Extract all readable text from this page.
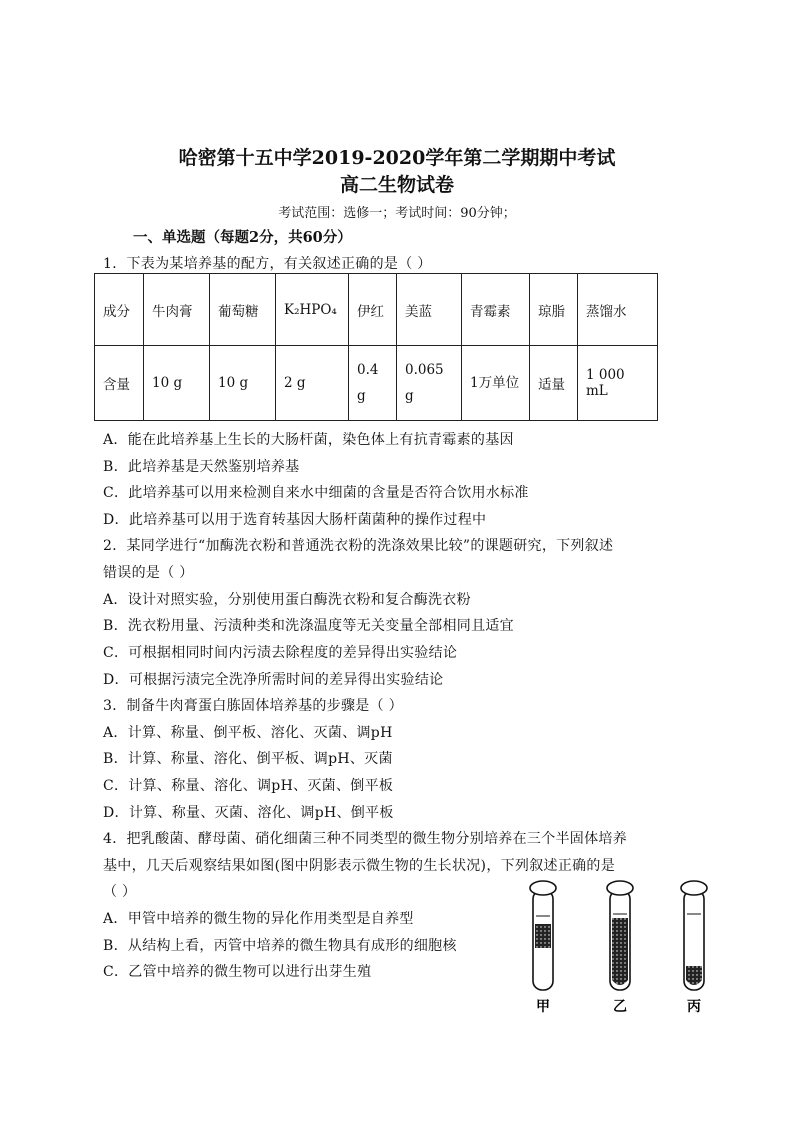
哈密第十五中学2019-2020学年第二学期期中考试
高二生物试卷
考试范围：选修一；考试时间：90分钟；
一、单选题（每题2分，共60分）
1．下表为某培养基的配方，有关叙述正确的是（ ）
成分	牛肉膏	葡萄糖	K₂HPO₄	伊红	美蓝	青霉素	琼脂	蒸馏水
含量	10 g	10 g	2 g	0.4 g	0.065 g	1万单位	适量	1 000 mL
A．能在此培养基上生长的大肠杆菌，染色体上有抗青霉素的基因
B．此培养基是天然鉴别培养基
C．此培养基可以用来检测自来水中细菌的含量是否符合饮用水标准
D．此培养基可以用于选育转基因大肠杆菌菌种的操作过程中
2．某同学进行“加酶洗衣粉和普通洗衣粉的洗涤效果比较”的课题研究，下列叙述
错误的是（ ）
A．设计对照实验，分别使用蛋白酶洗衣粉和复合酶洗衣粉
B．洗衣粉用量、污渍种类和洗涤温度等无关变量全部相同且适宜
C．可根据相同时间内污渍去除程度的差异得出实验结论
D．可根据污渍完全洗净所需时间的差异得出实验结论
3．制备牛肉膏蛋白胨固体培养基的步骤是（ ）
A．计算、称量、倒平板、溶化、灭菌、调pH
B．计算、称量、溶化、倒平板、调pH、灭菌
C．计算、称量、溶化、调pH、灭菌、倒平板
D．计算、称量、灭菌、溶化、调pH、倒平板
4．把乳酸菌、酵母菌、硝化细菌三种不同类型的微生物分别培养在三个半固体培养
基中，几天后观察结果如图(图中阴影表示微生物的生长状况)，下列叙述正确的是
（ ）
A．甲管中培养的微生物的异化作用类型是自养型
B．从结构上看，丙管中培养的微生物具有成形的细胞核
C．乙管中培养的微生物可以进行出芽生殖
甲	乙	丙
